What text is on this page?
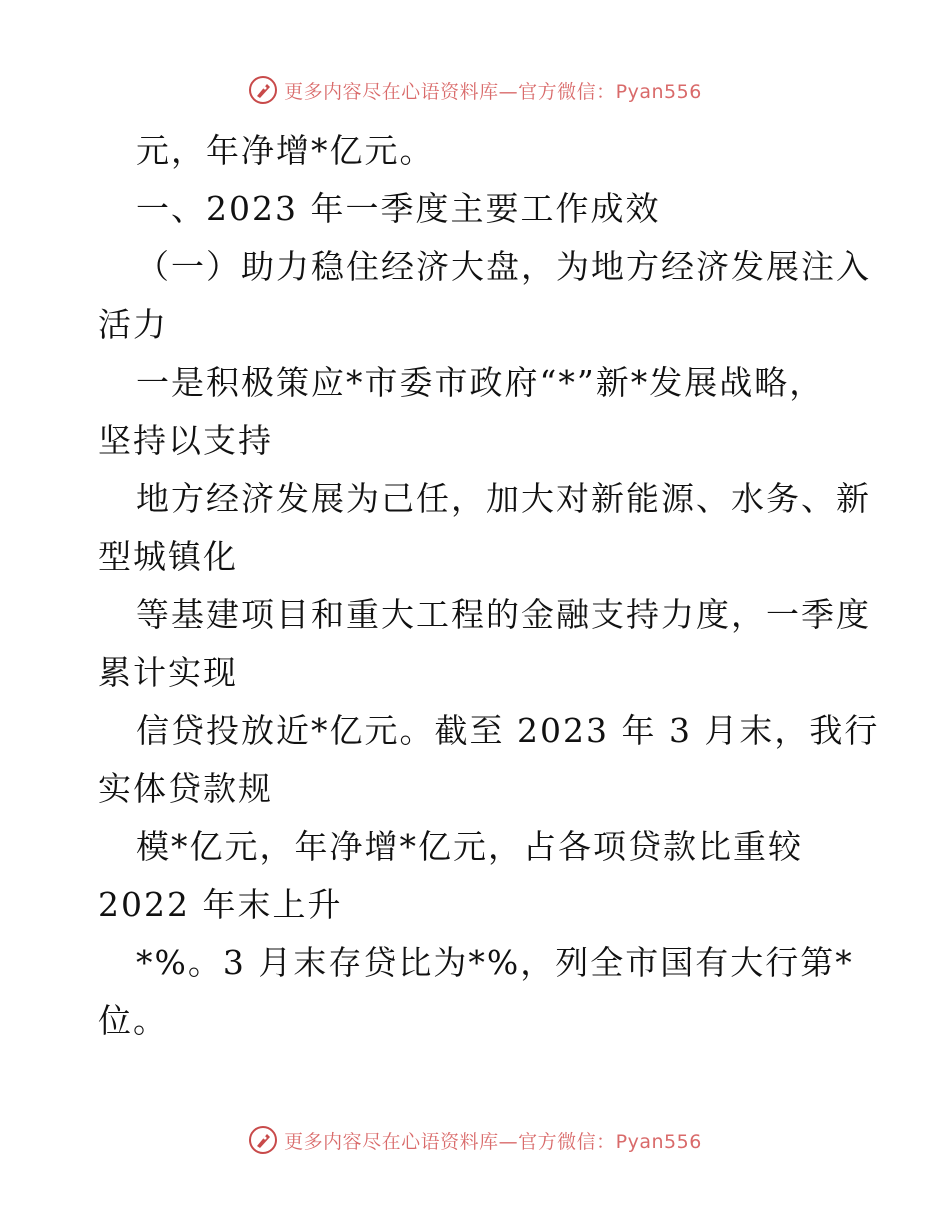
更多内容尽在心语资料库—官方微信：Pyan556
元，年净增*亿元。
一、2023 年一季度主要工作成效
（一）助力稳住经济大盘，为地方经济发展注入
活力
一是积极策应*市委市政府“*”新*发展战略，
坚持以支持
地方经济发展为己任，加大对新能源、水务、新
型城镇化
等基建项目和重大工程的金融支持力度，一季度
累计实现
信贷投放近*亿元。截至 2023 年 3 月末，我行
实体贷款规
模*亿元，年净增*亿元，占各项贷款比重较
2022 年末上升
*%。3 月末存贷比为*%，列全市国有大行第*
位。
更多内容尽在心语资料库—官方微信：Pyan556
